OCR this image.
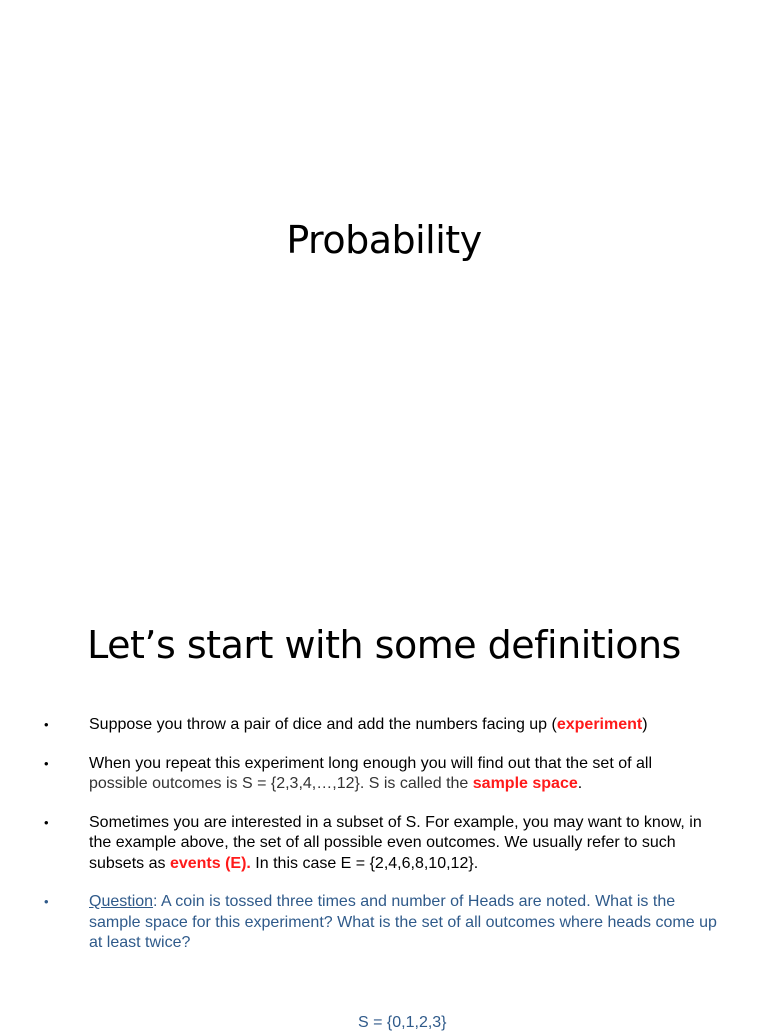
Probability
Let’s start with some definitions
•	Suppose you throw a pair of dice and add the numbers facing up (experiment)
•	When you repeat this experiment long enough you will find out that the set of all
possible outcomes is S = {2,3,4,…,12}. S is called the sample space.
•	Sometimes you are interested in a subset of S. For example, you may want to know, in the example above, the set of all possible even outcomes. We usually refer to such subsets as events (E). In this case E = {2,4,6,8,10,12}.
•	Question: A coin is tossed three times and number of Heads are noted. What is the sample space for this experiment? What is the set of all outcomes where heads come up at least twice?
S = {0,1,2,3}
